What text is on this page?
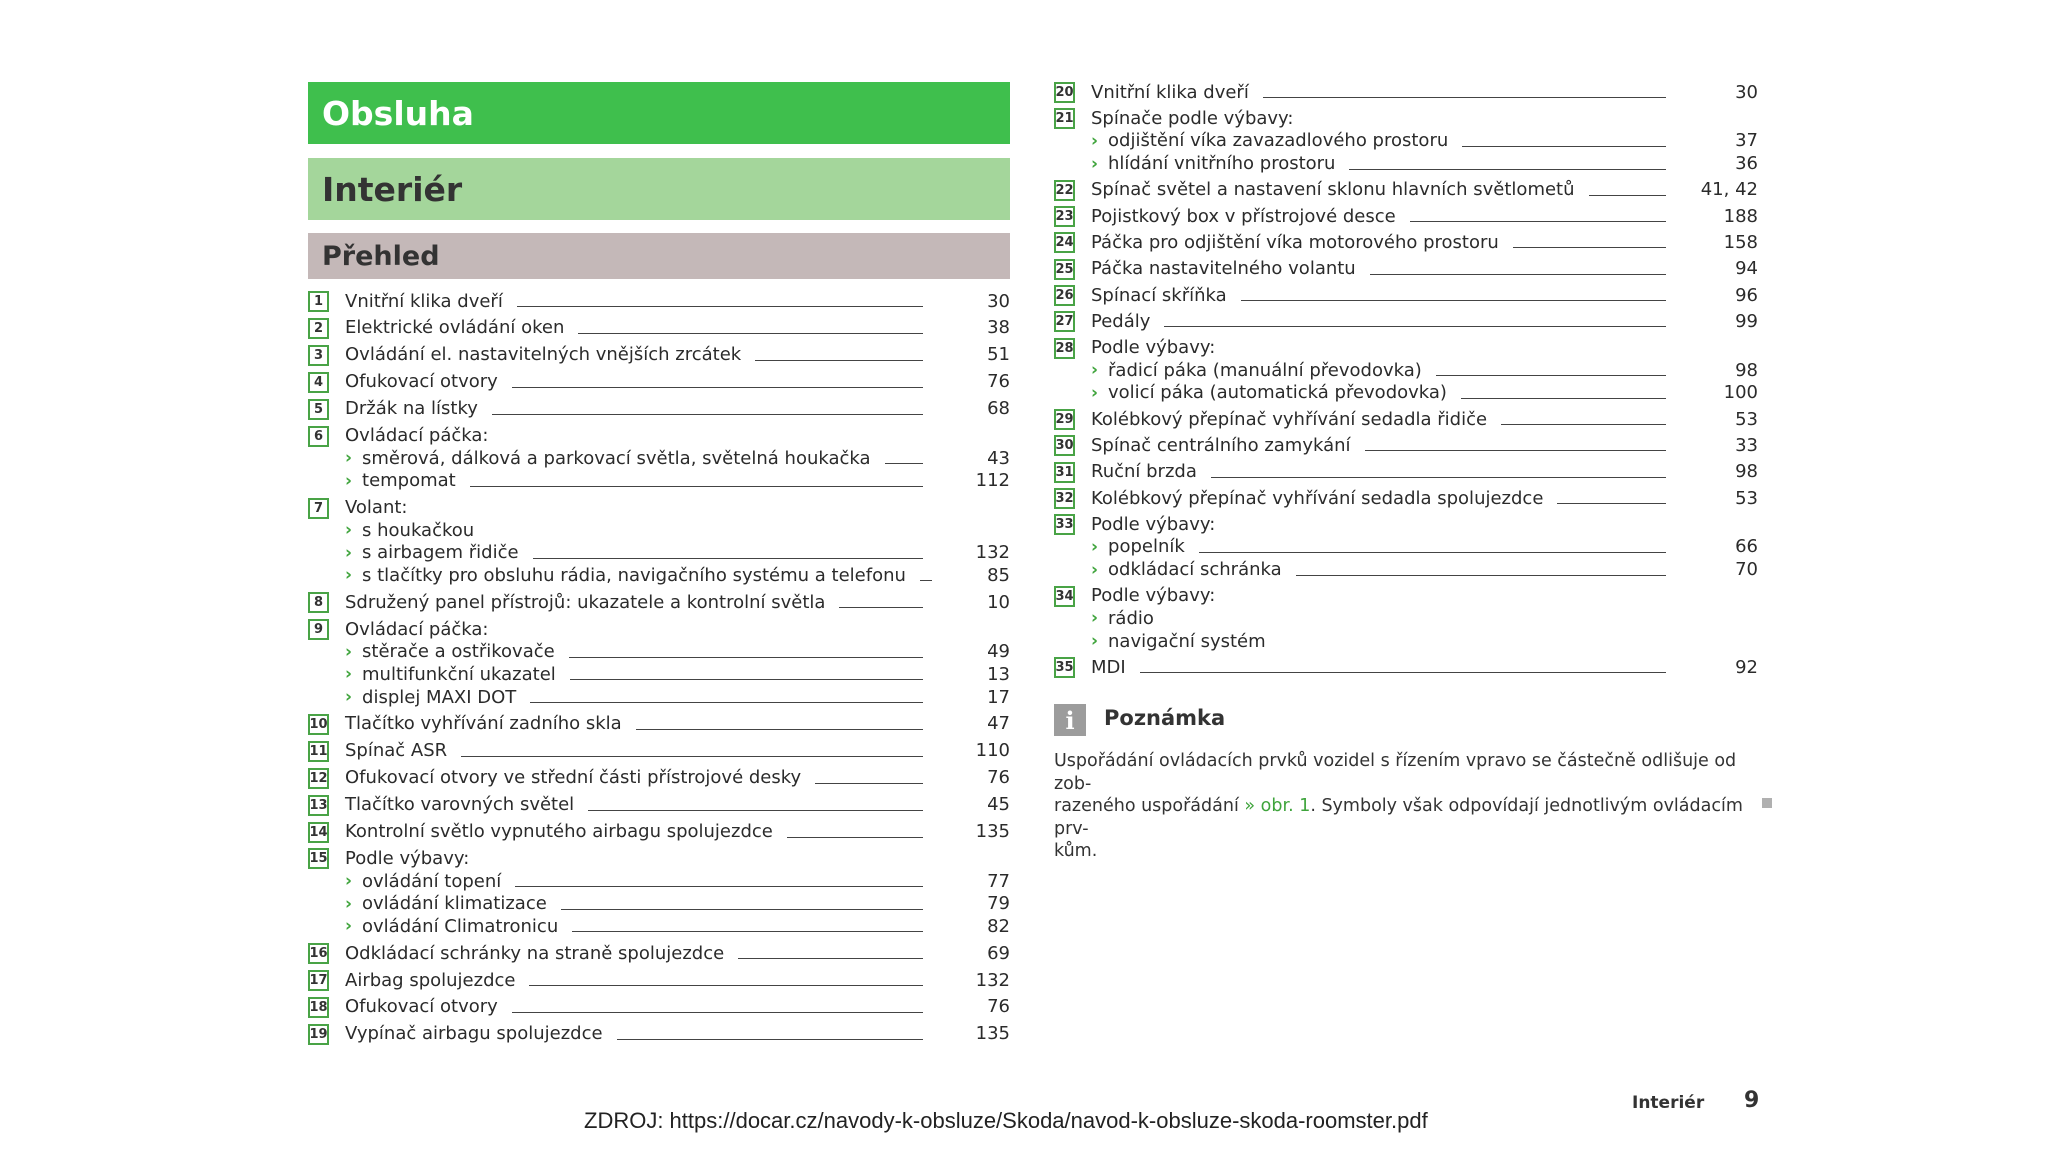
Obsluha
Interiér
Přehled
1	Vnitřní klika dveří	30
2	Elektrické ovládání oken	38
3	Ovládání el. nastavitelných vnějších zrcátek	51
4	Ofukovací otvory	76
5	Držák na lístky	68
6	Ovládací páčka:
› směrová, dálková a parkovací světla, světelná houkačka	43
› tempomat	112
7	Volant:
› s houkačkou
› s airbagem řidiče	132
› s tlačítky pro obsluhu rádia, navigačního systému a telefonu	85
8	Sdružený panel přístrojů: ukazatele a kontrolní světla	10
9	Ovládací páčka:
› stěrače a ostřikovače	49
› multifunkční ukazatel	13
› displej MAXI DOT	17
10 Tlačítko vyhřívání zadního skla	47
11 Spínač ASR	110
12 Ofukovací otvory ve střední části přístrojové desky	76
13 Tlačítko varovných světel	45
14 Kontrolní světlo vypnutého airbagu spolujezdce	135
15 Podle výbavy:
› ovládání topení	77
› ovládání klimatizace	79
› ovládání Climatronicu	82
16 Odkládací schránky na straně spolujezdce	69
17 Airbag spolujezdce	132
18 Ofukovací otvory	76
19 Vypínač airbagu spolujezdce	135
20 Vnitřní klika dveří	30
21 Spínače podle výbavy:
› odjištění víka zavazadlového prostoru	37
› hlídání vnitřního prostoru	36
22 Spínač světel a nastavení sklonu hlavních světlometů	41, 42
23 Pojistkový box v přístrojové desce	188
24 Páčka pro odjištění víka motorového prostoru	158
25 Páčka nastavitelného volantu	94
26 Spínací skříňka	96
27 Pedály	99
28 Podle výbavy:
› řadicí páka (manuální převodovka)	98
› volicí páka (automatická převodovka)	100
29 Kolébkový přepínač vyhřívání sedadla řidiče	53
30 Spínač centrálního zamykání	33
31 Ruční brzda	98
32 Kolébkový přepínač vyhřívání sedadla spolujezdce	53
33 Podle výbavy:
› popelník	66
› odkládací schránka	70
34 Podle výbavy:
› rádio
› navigační systém
35 MDI	92
i	Poznámka
Uspořádání ovládacích prvků vozidel s řízením vpravo se částečně odlišuje od zob-
razeného uspořádání » obr. 1. Symboly však odpovídají jednotlivým ovládacím prv-
kům.
Interiér 9
ZDROJ: https://docar.cz/navody-k-obsluze/Skoda/navod-k-obsluze-skoda-roomster.pdf
